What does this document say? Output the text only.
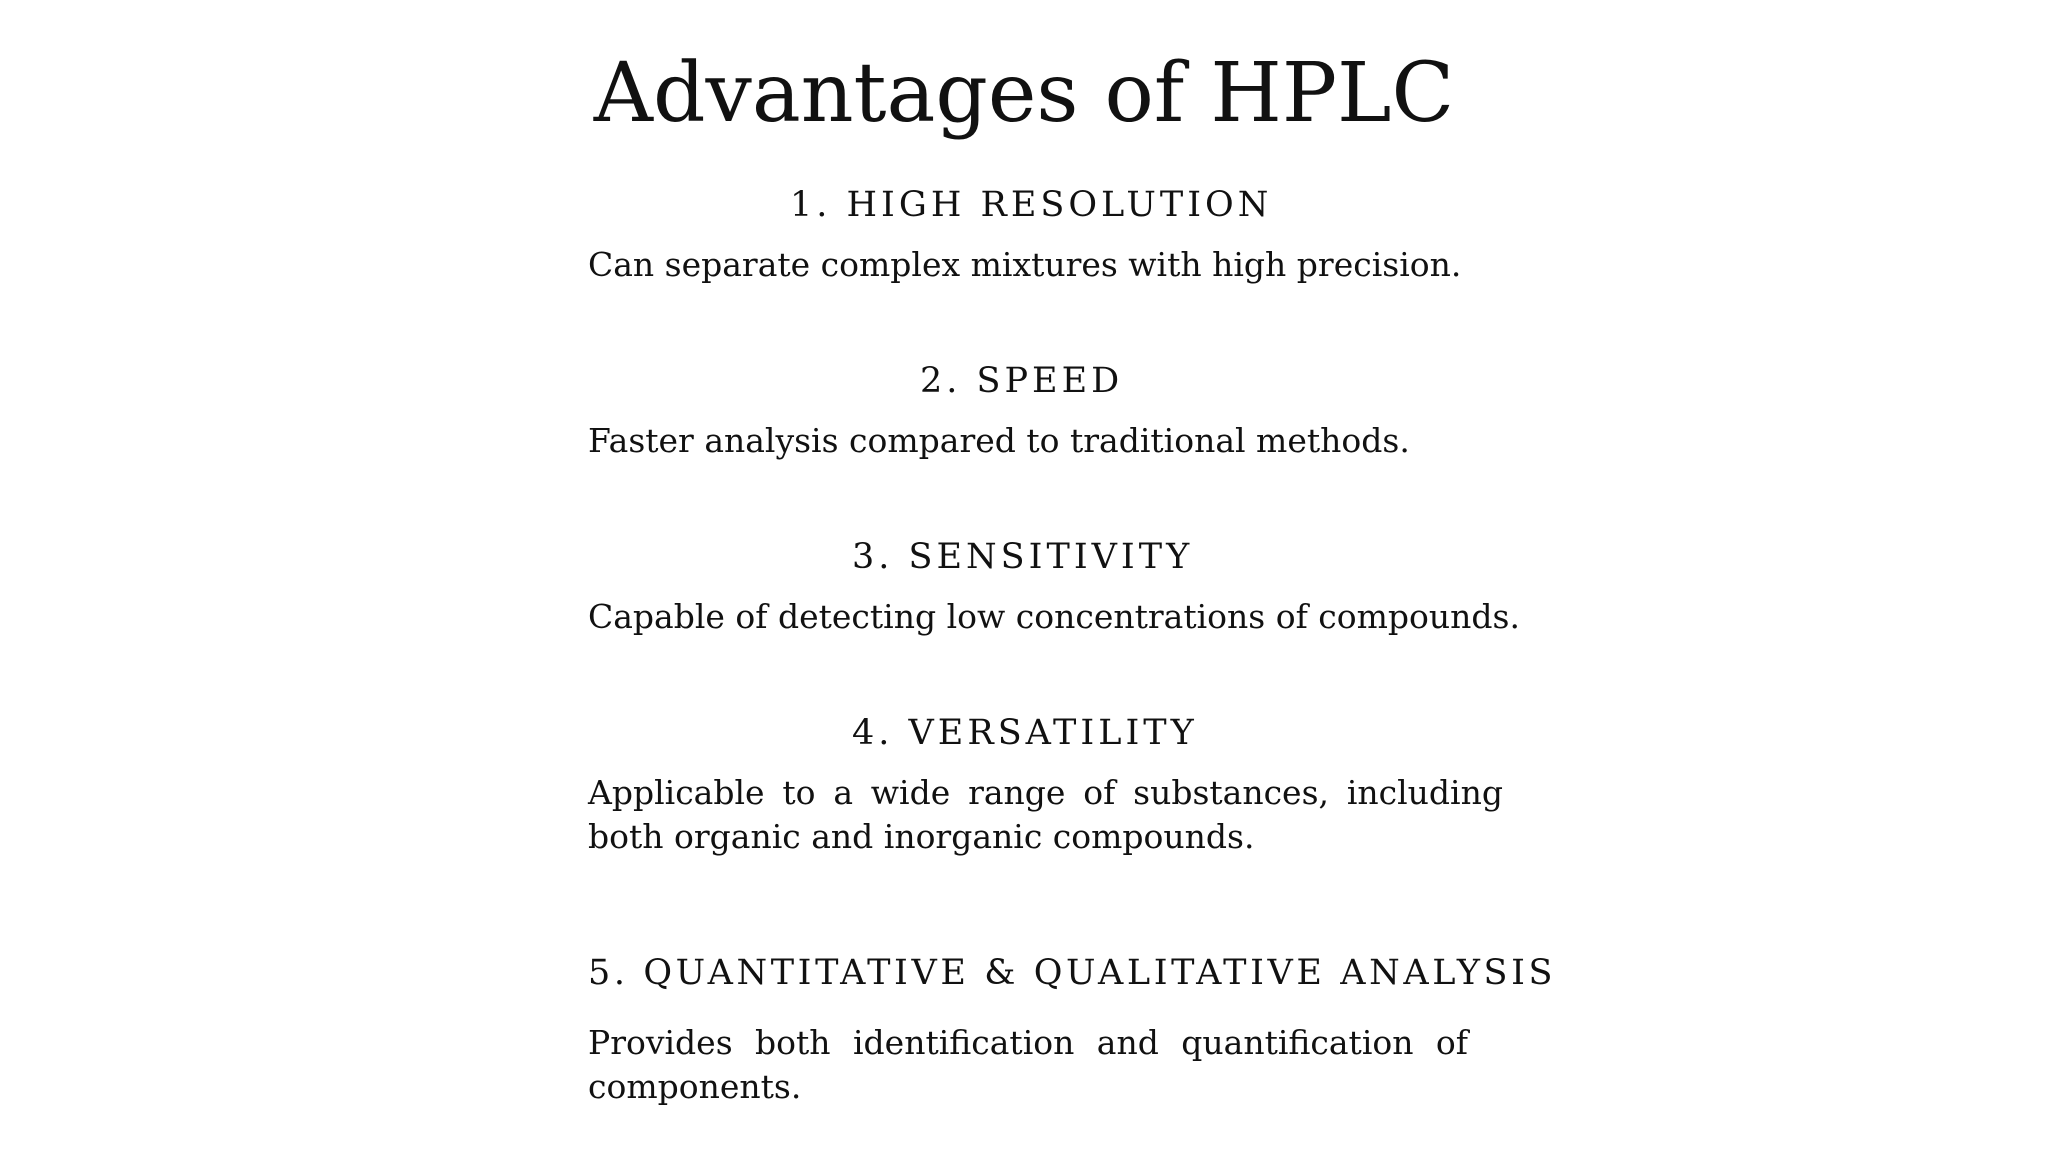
Advantages of HPLC
1. HIGH RESOLUTION

Can separate complex mixtures with high precision.

2. SPEED

Faster analysis compared to traditional methods.

3. SENSITIVITY

Capable of detecting low concentrations of compounds.

4. VERSATILITY

Applicable to a wide range of substances, including both organic and inorganic compounds.

5. QUANTITATIVE & QUALITATIVE ANALYSIS

Provides both identification and quantification of components.
